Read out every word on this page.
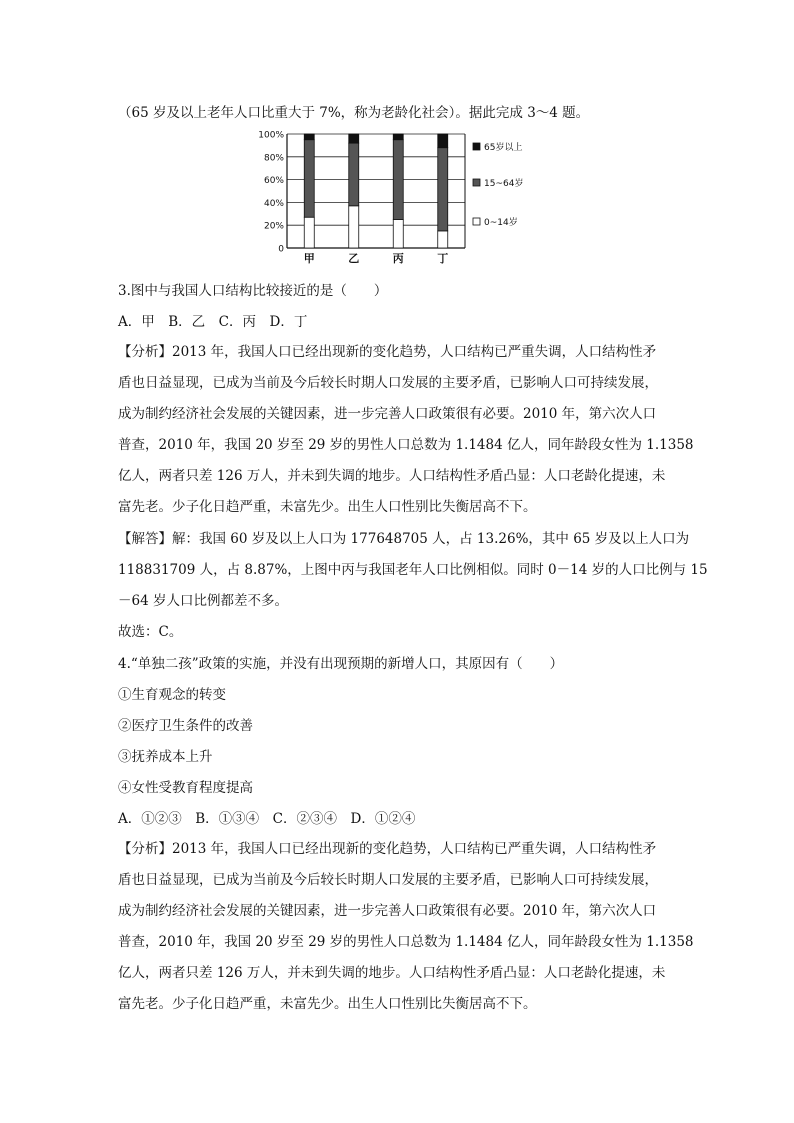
（65 岁及以上老年人口比重大于 7%，称为老龄化社会）。据此完成 3～4 题。
0
20%
40%
60%
80%
100%
甲	乙	丙	丁
0~14岁
15~64岁
65岁以上
3.图中与我国人口结构比较接近的是（　　）
A．甲　B．乙　C．丙　D．丁
【分析】2013 年，我国人口已经出现新的变化趋势，人口结构已严重失调，人口结构性矛
盾也日益显现，已成为当前及今后较长时期人口发展的主要矛盾，已影响人口可持续发展，
成为制约经济社会发展的关键因素，进一步完善人口政策很有必要。2010 年，第六次人口
普查，2010 年，我国 20 岁至 29 岁的男性人口总数为 1.1484 亿人，同年龄段女性为 1.1358
亿人，两者只差 126 万人，并未到失调的地步。人口结构性矛盾凸显：人口老龄化提速，未
富先老。少子化日趋严重，未富先少。出生人口性别比失衡居高不下。
【解答】解：我国 60 岁及以上人口为 177648705 人，占 13.26%，其中 65 岁及以上人口为
118831709 人，占 8.87%，上图中丙与我国老年人口比例相似。同时 0－14 岁的人口比例与 15
－64 岁人口比例都差不多。
故选：C。
4.“单独二孩”政策的实施，并没有出现预期的新增人口，其原因有（　　）
①生育观念的转变
②医疗卫生条件的改善
③抚养成本上升
④女性受教育程度提高
A．①②③　B．①③④　C．②③④　D．①②④
【分析】2013 年，我国人口已经出现新的变化趋势，人口结构已严重失调，人口结构性矛
盾也日益显现，已成为当前及今后较长时期人口发展的主要矛盾，已影响人口可持续发展，
成为制约经济社会发展的关键因素，进一步完善人口政策很有必要。2010 年，第六次人口
普查，2010 年，我国 20 岁至 29 岁的男性人口总数为 1.1484 亿人，同年龄段女性为 1.1358
亿人，两者只差 126 万人，并未到失调的地步。人口结构性矛盾凸显：人口老龄化提速，未
富先老。少子化日趋严重，未富先少。出生人口性别比失衡居高不下。
